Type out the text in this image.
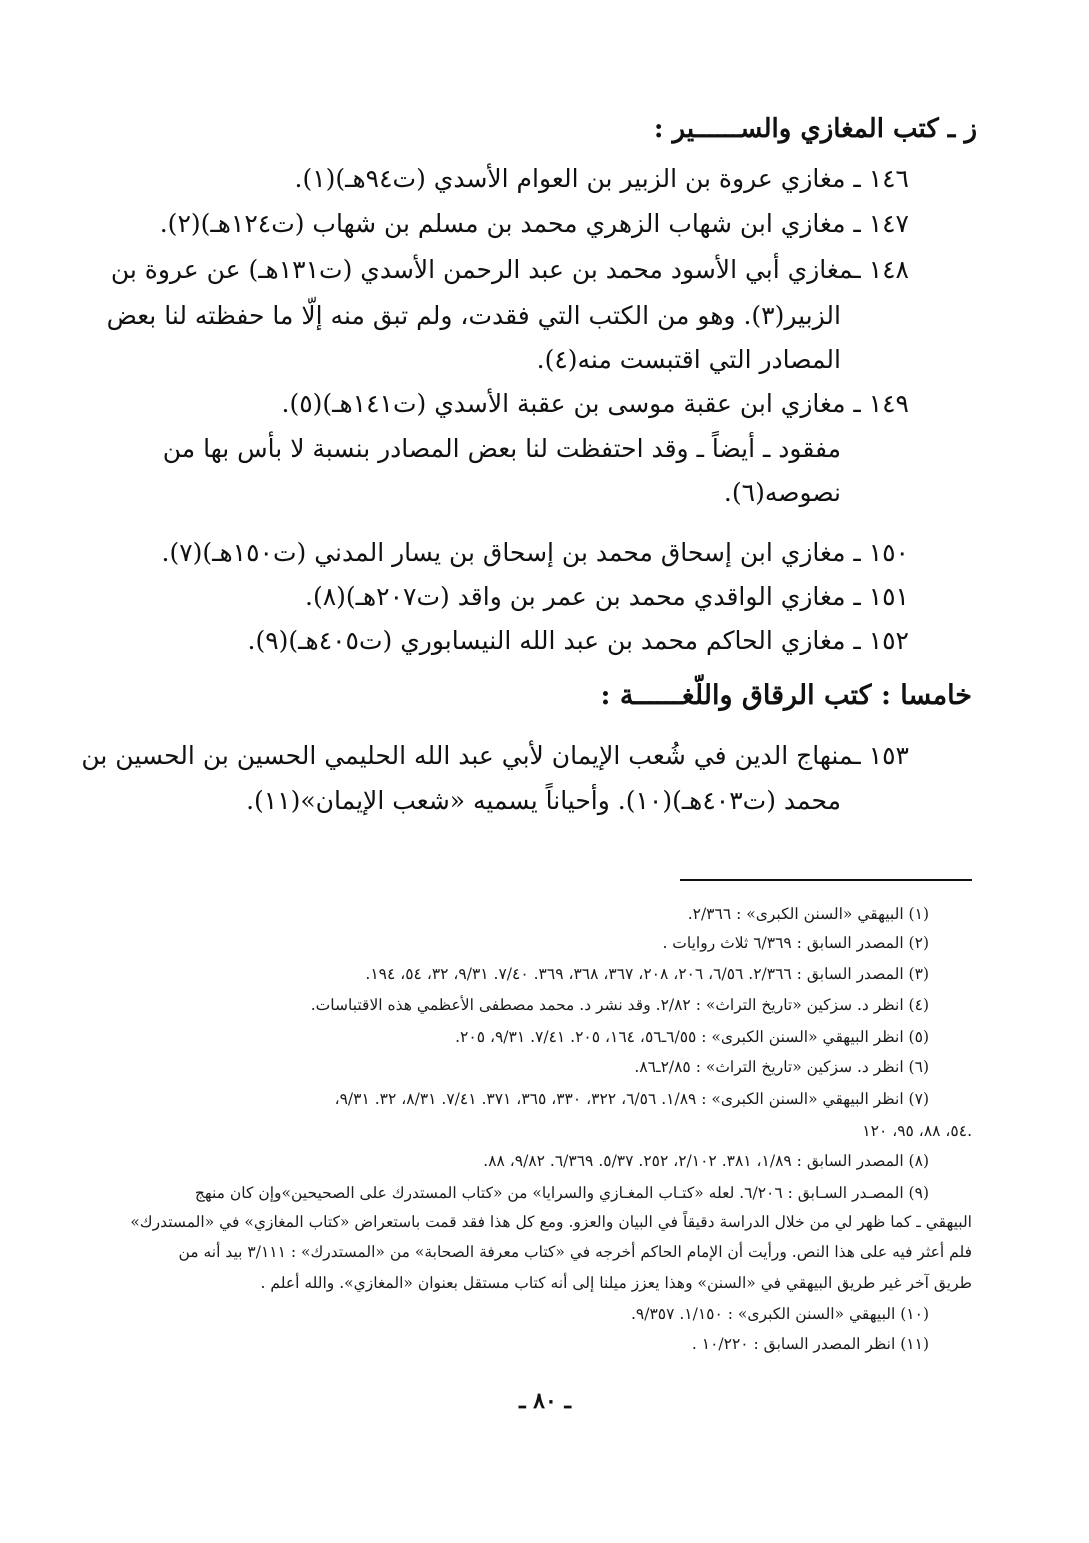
ز ـ كتب المغازي والســــــير :
١٤٦ ـ مغازي عروة بن الزبير بن العوام الأسدي (ت٩٤هـ)(١).
١٤٧ ـ مغازي ابن شهاب الزهري محمد بن مسلم بن شهاب (ت١٢٤هـ)(٢).
١٤٨ ـمغازي أبي الأسود محمد بن عبد الرحمن الأسدي (ت١٣١هـ) عن عروة بن
الزبير(٣). وهو من الكتب التي فقدت، ولم تبق منه إلّا ما حفظته لنا بعض
المصادر التي اقتبست منه(٤).
١٤٩ ـ مغازي ابن عقبة موسى بن عقبة الأسدي (ت١٤١هـ)(٥).
مفقود ـ أيضاً ـ وقد احتفظت لنا بعض المصادر بنسبة لا بأس بها من
نصوصه(٦).
١٥٠ ـ مغازي ابن إسحاق محمد بن إسحاق بن يسار المدني (ت١٥٠هـ)(٧).
١٥١ ـ مغازي الواقدي محمد بن عمر بن واقد (ت٢٠٧هـ)(٨).
١٥٢ ـ مغازي الحاكم محمد بن عبد الله النيسابوري (ت٤٠٥هـ)(٩).
خامسا : كتب الرقاق واللّغــــــة :
١٥٣ ـمنهاج الدين في شُعب الإيمان لأبي عبد الله الحليمي الحسين بن الحسين بن
محمد (ت٤٠٣هـ)(١٠). وأحياناً يسميه «شعب الإيمان»(١١).
(١) البيهقي «السنن الكبرى» : ٢/٣٦٦.
(٢) المصدر السابق : ٦/٣٦٩ ثلاث روايات .
(٣) المصدر السابق : ٢/٣٦٦. ٦/٥٦، ٢٠٦، ٢٠٨، ٣٦٧، ٣٦٨، ٣٦٩. ٧/٤٠. ٩/٣١، ٣٢، ٥٤، ١٩٤.
(٤) انظر د. سزكين «تاريخ التراث» : ٢/٨٢. وقد نشر د. محمد مصطفى الأعظمي هذه الاقتباسات.
(٥) انظر البيهقي «السنن الكبرى» : ٦/٥٥ـ٥٦، ١٦٤، ٢٠٥. ٧/٤١. ٩/٣١، ٢٠٥.
(٦) انظر د. سزكين «تاريخ التراث» : ٢/٨٥ـ٨٦.
(٧) انظر البيهقي «السنن الكبرى» : ١/٨٩. ٦/٥٦، ٣٢٢، ٣٣٠، ٣٦٥، ٣٧١. ٧/٤١. ٨/٣١، ٣٢. ٩/٣١،
٥٤، ٨٨، ٩٥، ١٢٠.
(٨) المصدر السابق : ١/٨٩، ٣٨١. ٢/١٠٢، ٢٥٢. ٥/٣٧. ٦/٣٦٩. ٩/٨٢، ٨٨.
(٩) المصـدر السـابق : ٦/٢٠٦. لعله «كتـاب المغـازي والسرايا» من «كتاب المستدرك على الصحيحين»وإن كان منهج
البيهقي ـ كما ظهر لي من خلال الدراسة دقيقاً في البيان والعزو. ومع كل هذا فقد قمت باستعراض «كتاب المغازي» في «المستدرك»
فلم أعثر فيه على هذا النص. ورأيت أن الإمام الحاكم أخرجه في «كتاب معرفة الصحابة» من «المستدرك» : ٣/١١١ بيد أنه من
طريق آخر غير طريق البيهقي في «السنن» وهذا يعزز ميلنا إلى أنه كتاب مستقل بعنوان «المغازي». والله أعلم .
(١٠) البيهقي «السنن الكبرى» : ١/١٥٠. ٩/٣٥٧.
(١١) انظر المصدر السابق : ١٠/٢٢٠ .
ـ ٨٠ ـ
